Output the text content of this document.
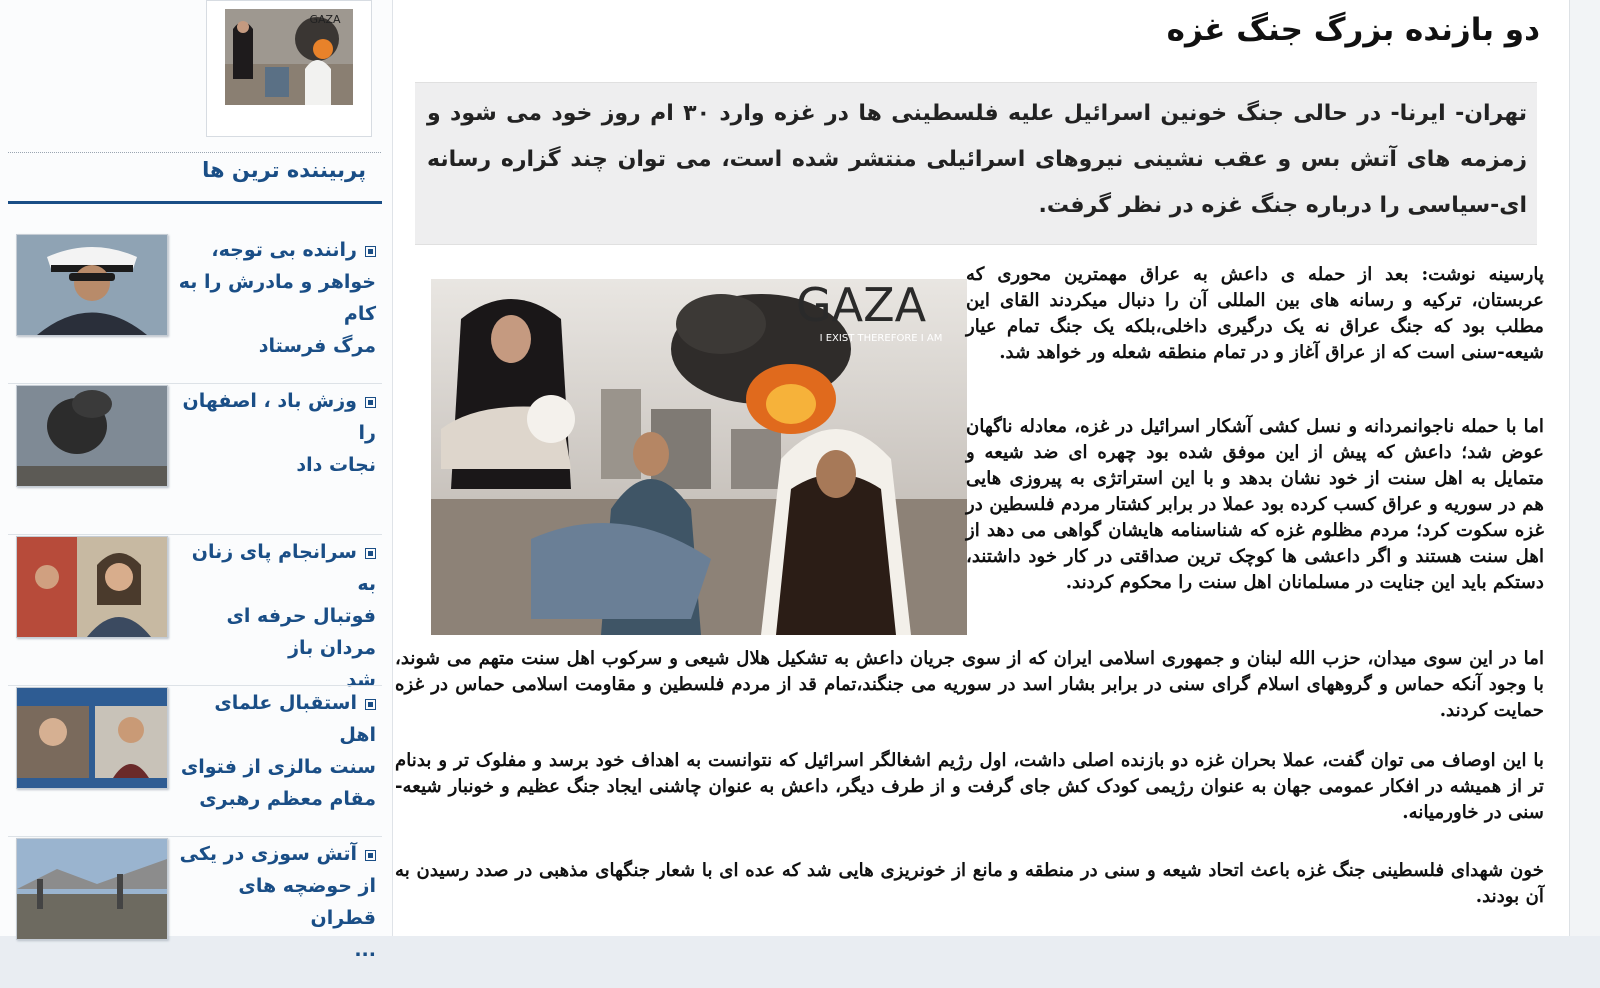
GAZA
پربیننده ترین ها
راننده بی توجه،
خواهر و مادرش را به کام
مرگ فرستاد
وزش باد ، اصفهان را
نجات داد
سرانجام پای زنان به
فوتبال حرفه ای مردان باز
شد
استقبال علمای اهل
سنت مالزی از فتوای
مقام معظم رهبری
آتش سوزی در یکی
از حوضچه های قطران
...
دو بازنده بزرگ جنگ غزه
تهران- ایرنا- در حالی جنگ خونین اسرائیل علیه فلسطینی ها در غزه وارد ۳۰ ام روز خود می شود و زمزمه های آتش بس و عقب نشینی نیروهای اسرائیلی منتشر شده است، می توان چند گزاره رسانه ای-سیاسی را درباره جنگ غزه در نظر گرفت.
GAZA
I EXIST THEREFORE I AM

پارسینه نوشت: بعد از حمله ی داعش به عراق مهمترین محوری که عربستان، ترکیه و رسانه های بین المللی آن را دنبال میکردند القای این مطلب بود که جنگ عراق نه یک درگیری داخلی،بلکه یک جنگ تمام عیار شیعه-سنی است که از عراق آغاز و در تمام منطقه شعله ور خواهد شد.

اما با حمله ناجوانمردانه و نسل کشی آشکار اسرائیل در غزه، معادله ناگهان عوض شد؛ داعش که پیش از این موفق شده بود چهره ای ضد شیعه و متمایل به اهل سنت از خود نشان بدهد و با این استراتژی به پیروزی هایی هم در سوریه و عراق کسب کرده بود عملا در برابر کشتار مردم فلسطین در غزه سکوت کرد؛ مردم مظلوم غزه که شناسنامه هایشان گواهی می دهد از اهل سنت هستند و اگر داعشی ها کوچک ترین صداقتی در کار خود داشتند، دستکم باید این جنایت در مسلمانان اهل سنت را محکوم کردند.

اما در این سوی میدان، حزب الله لبنان و جمهوری اسلامی ایران که از سوی جریان داعش به تشکیل هلال شیعی و سرکوب اهل سنت متهم می شوند، با وجود آنکه حماس و گروههای اسلام گرای سنی در برابر بشار اسد در سوریه می جنگند،تمام قد از مردم فلسطین و مقاومت اسلامی حماس در غزه حمایت کردند.

با این اوصاف می توان گفت، عملا بحران غزه دو بازنده اصلی داشت، اول رژیم اشغالگر اسرائیل که نتوانست به اهداف خود برسد و مفلوک تر و بدنام تر از همیشه در افکار عمومی جهان به عنوان رژیمی کودک کش جای گرفت و از طرف دیگر، داعش به عنوان چاشنی ایجاد جنگ عظیم و خونبار شیعه-سنی در خاورمیانه.

خون شهدای فلسطینی جنگ غزه باعث اتحاد شیعه و سنی در منطقه و مانع از خونریزی هایی شد که عده ای با شعار جنگهای مذهبی در صدد رسیدن به آن بودند.
